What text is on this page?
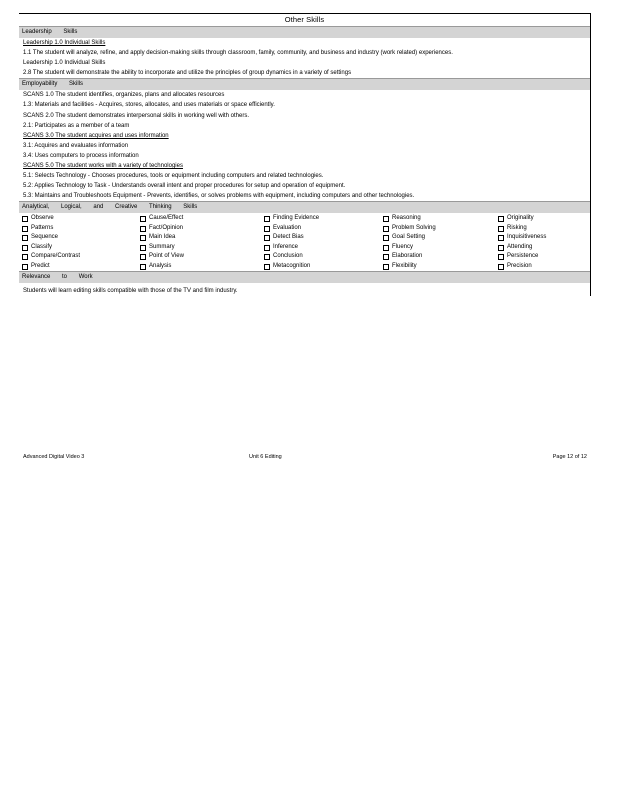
Other Skills
Leadership Skills
Leadership 1.0 Individual Skills
1.1 The student will analyze, refine, and apply decision-making skills through classroom, family, community, and business and industry (work related) experiences.
Leadership 1.0 Individual Skills
2.8 The student will demonstrate the ability to incorporate and utilize the principles of group dynamics in a variety of settings
Employability Skills
SCANS 1.0 The student identifies, organizes, plans and allocates resources
1.3: Materials and facilities - Acquires, stores, allocates, and uses materials or space efficiently.
SCANS 2.0 The student demonstrates interpersonal skills in working well with others.
2.1: Participates as a member of a team
SCANS 3.0 The student acquires and uses information
3.1: Acquires and evaluates information
3.4: Uses computers to process information
SCANS 5.0 The student works with a variety of technologies
5.1: Selects Technology - Chooses procedures, tools or equipment including computers and related technologies.
5.2: Applies Technology to Task - Understands overall intent and proper procedures for setup and operation of equipment.
5.3: Maintains and Troubleshoots Equipment - Prevents, identifies, or solves problems with equipment, including computers and other technologies.
Analytical, Logical, and Creative Thinking Skills
Observe	Cause/Effect	Finding Evidence	Reasoning	Originality
Patterns	Fact/Opinion	Evaluation	Problem Solving	Risking
Sequence	Main Idea	Detect Bias	Goal Setting	Inquisitiveness
Classify	Summary	Inference	Fluency	Attending
Compare/Contrast	Point of View	Conclusion	Elaboration	Persistence
Predict	Analysis	Metacognition	Flexibility	Precision
Relevance to Work
Students will learn editing skills compatible with those of the TV and film industry.
Advanced Digital Video 3	Unit 6 Editing	Page 12 of 12
